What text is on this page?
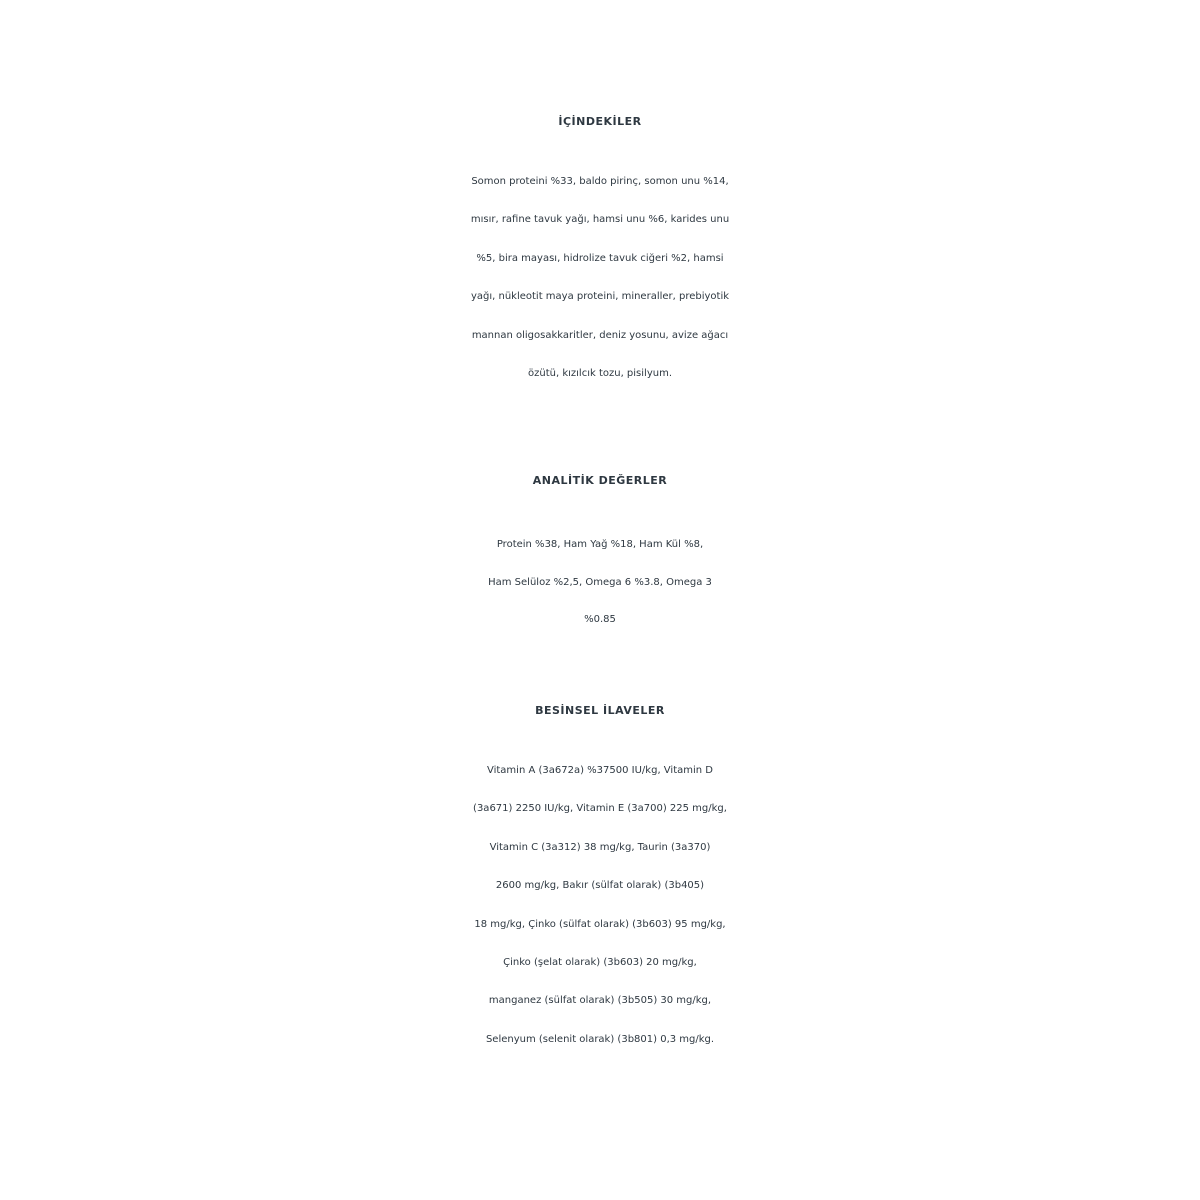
İÇİNDEKİLER
Somon proteini %33, baldo pirinç, somon unu %14,
mısır, rafine tavuk yağı, hamsi unu %6, karides unu
%5, bira mayası, hidrolize tavuk ciğeri %2, hamsi
yağı, nükleotit maya proteini, mineraller, prebiyotik
mannan oligosakkaritler, deniz yosunu, avize ağacı
özütü, kızılcık tozu, pisilyum.
ANALİTİK DEĞERLER
Protein %38, Ham Yağ %18, Ham Kül %8,
Ham Selüloz %2,5, Omega 6 %3.8, Omega 3
%0.85
BESİNSEL İLAVELER
Vitamin A (3a672a) %37500 IU/kg, Vitamin D
(3a671) 2250 IU/kg, Vitamin E (3a700) 225 mg/kg,
Vitamin C (3a312) 38 mg/kg, Taurin (3a370)
2600 mg/kg, Bakır (sülfat olarak) (3b405)
18 mg/kg, Çinko (sülfat olarak) (3b603) 95 mg/kg,
Çinko (şelat olarak) (3b603) 20 mg/kg,
manganez (sülfat olarak) (3b505) 30 mg/kg,
Selenyum (selenit olarak) (3b801) 0,3 mg/kg.
